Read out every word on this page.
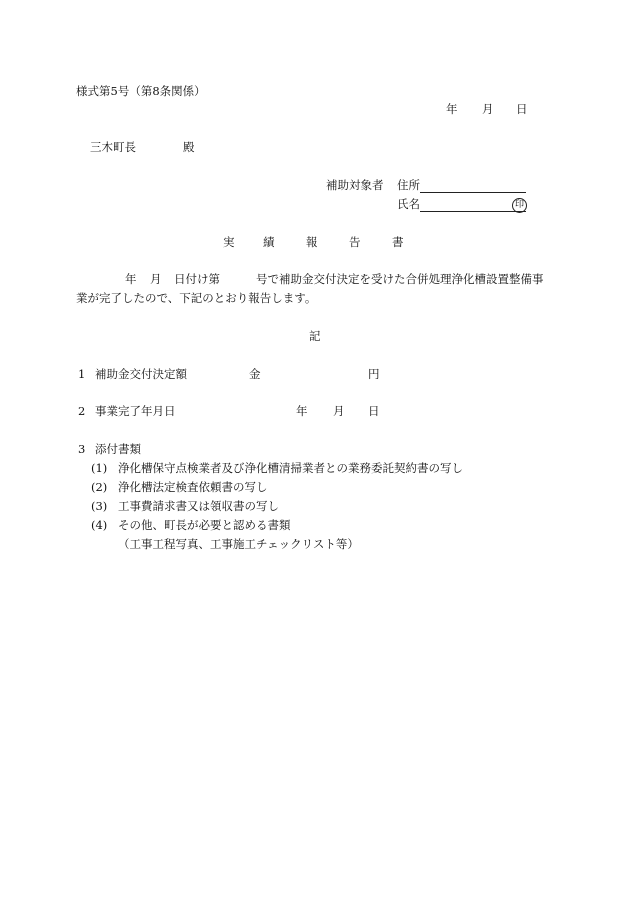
様式第5号（第8条関係）
年 月 日
三木町長	殿
補助対象者 住所
氏名	印
実 績	報	告	書
年 月 日付け第	号で補助金交付決定を受けた合併処理浄化槽設置整備事
業が完了したので、下記のとおり報告します。
記
1 補助金交付決定額	金	円
2 事業完了年月日	年 月 日
3 添付書類
(1) 浄化槽保守点検業者及び浄化槽清掃業者との業務委託契約書の写し
(2) 浄化槽法定検査依頼書の写し
(3) 工事費請求書又は領収書の写し
(4) その他、町長が必要と認める書類
（工事工程写真、工事施工チェックリスト等）
